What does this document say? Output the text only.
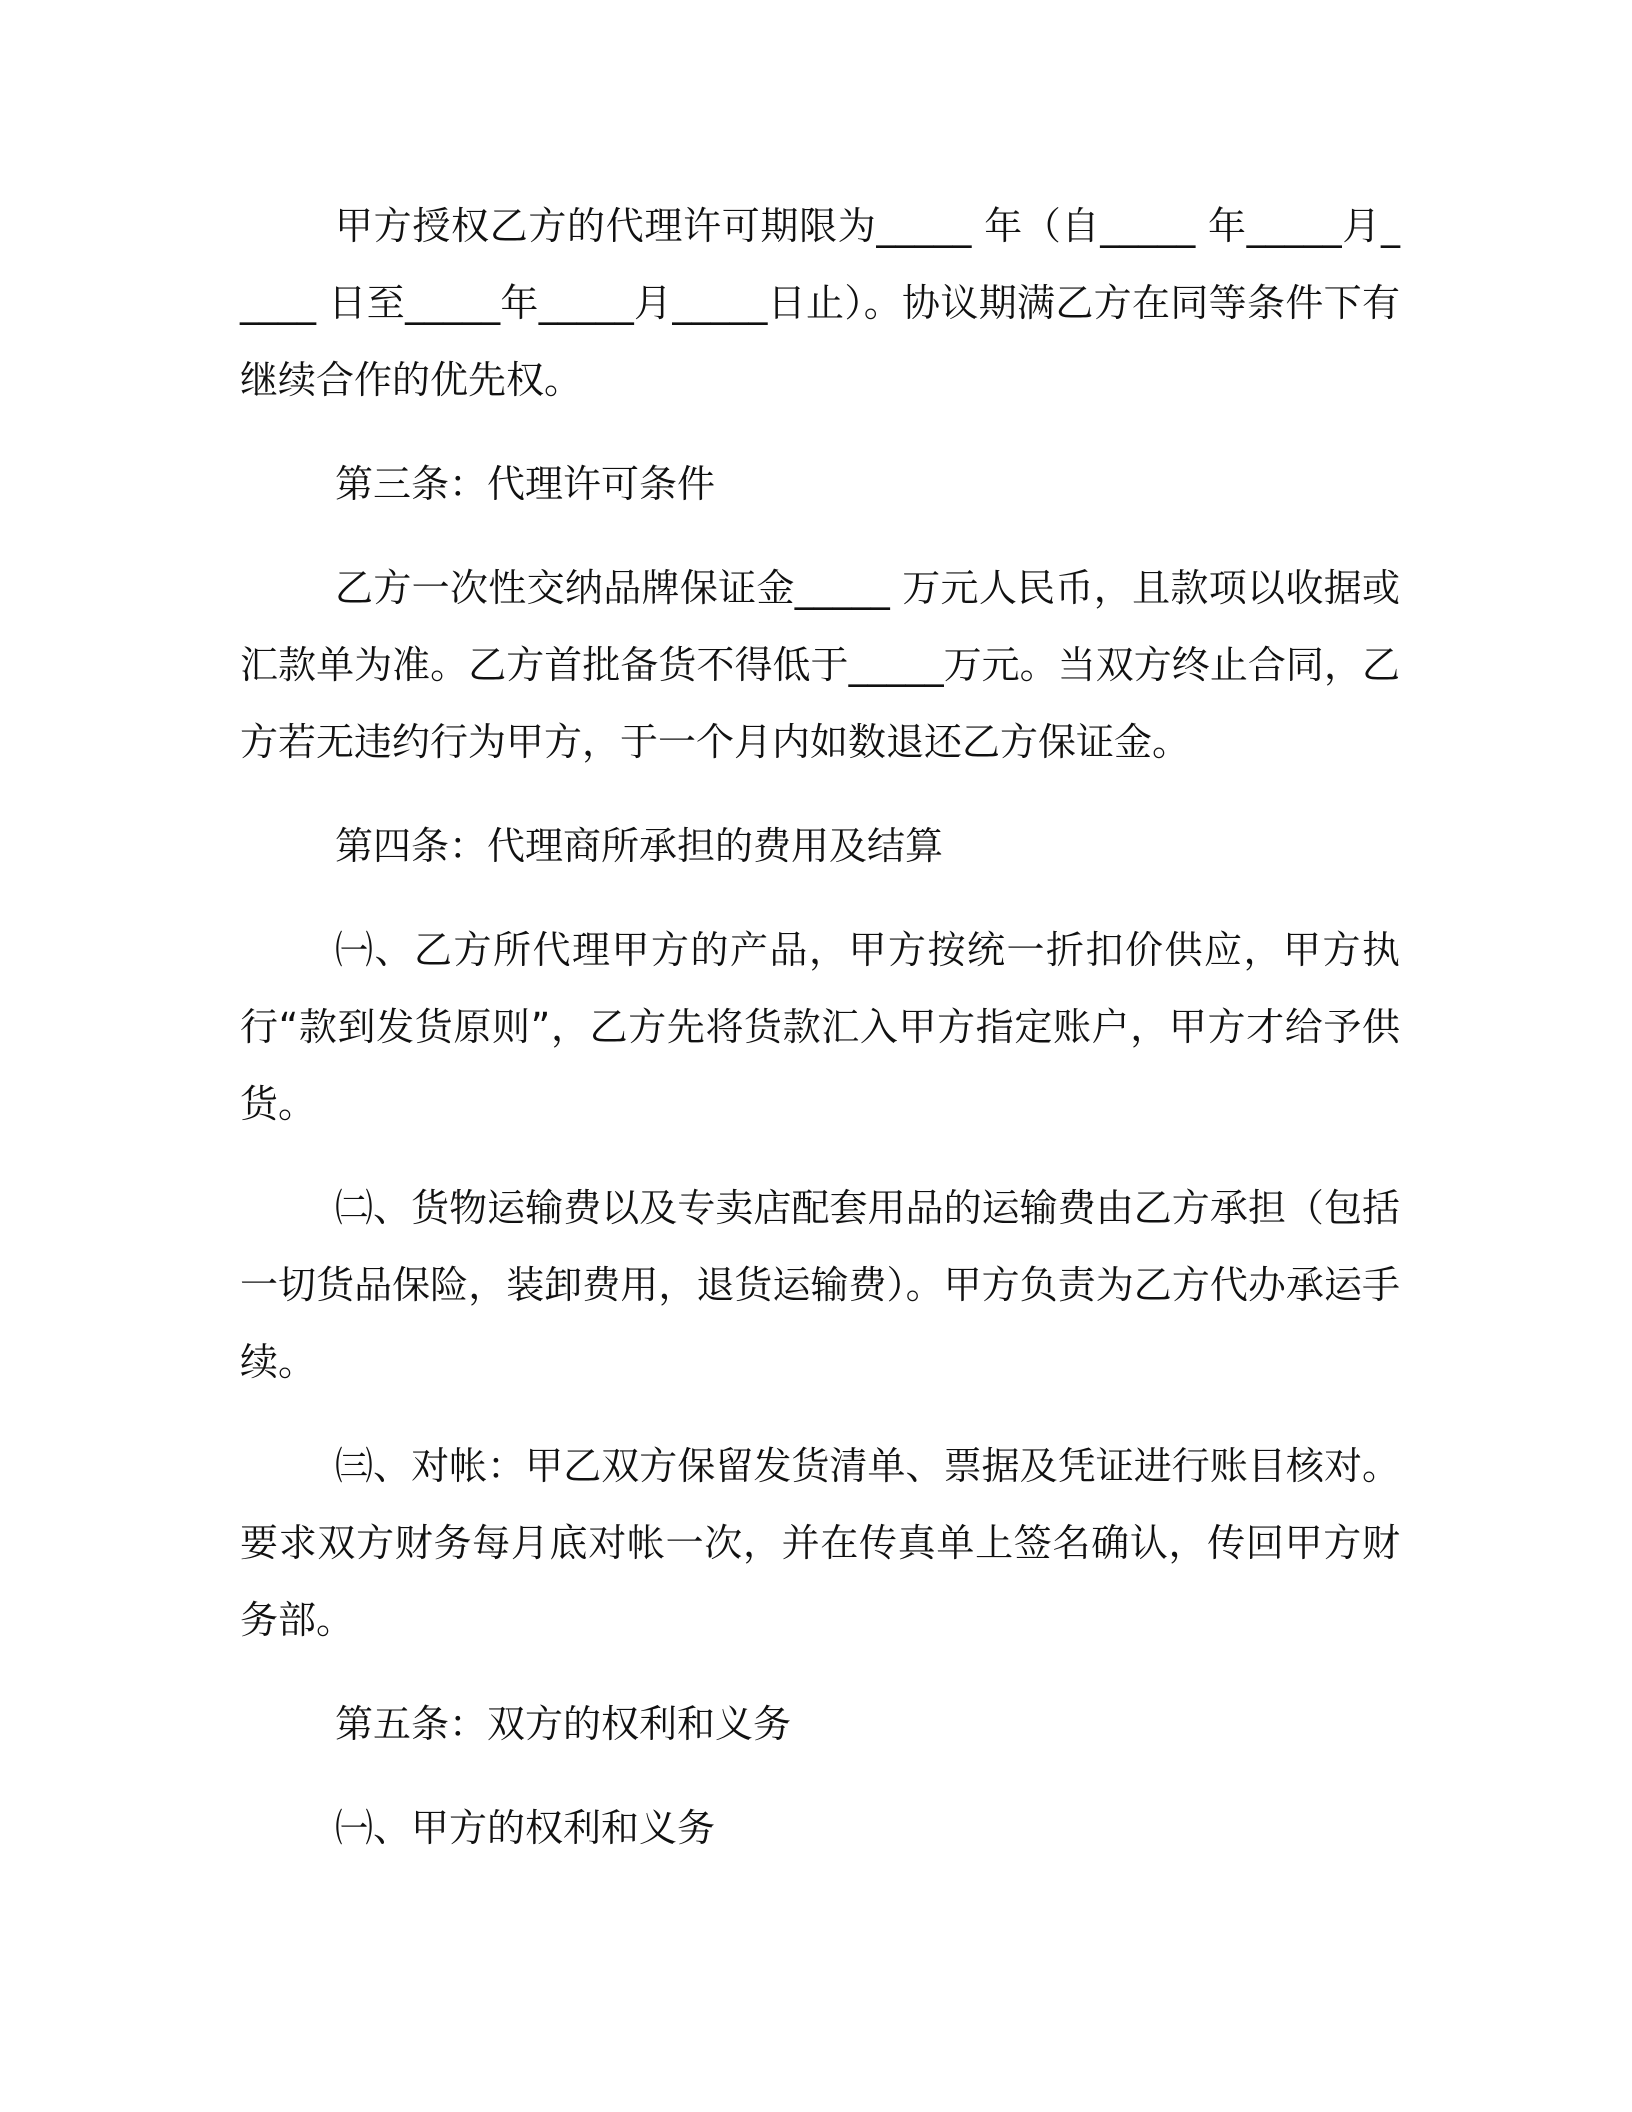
甲方授权乙方的代理许可期限为_____ 年（自_____ 年_____月_____ 日至_____年_____月_____日止）。协议期满乙方在同等条件下有继续合作的优先权。

第三条：代理许可条件

乙方一次性交纳品牌保证金_____ 万元人民币，且款项以收据或汇款单为准。乙方首批备货不得低于_____万元。当双方终止合同，乙方若无违约行为甲方，于一个月内如数退还乙方保证金。

第四条：代理商所承担的费用及结算

㈠、乙方所代理甲方的产品，甲方按统一折扣价供应，甲方执行“款到发货原则”，乙方先将货款汇入甲方指定账户，甲方才给予供货。

㈡、货物运输费以及专卖店配套用品的运输费由乙方承担（包括一切货品保险，装卸费用，退货运输费）。甲方负责为乙方代办承运手续。

㈢、对帐：甲乙双方保留发货清单、票据及凭证进行账目核对。要求双方财务每月底对帐一次，并在传真单上签名确认，传回甲方财务部。

第五条：双方的权利和义务

㈠、甲方的权利和义务
